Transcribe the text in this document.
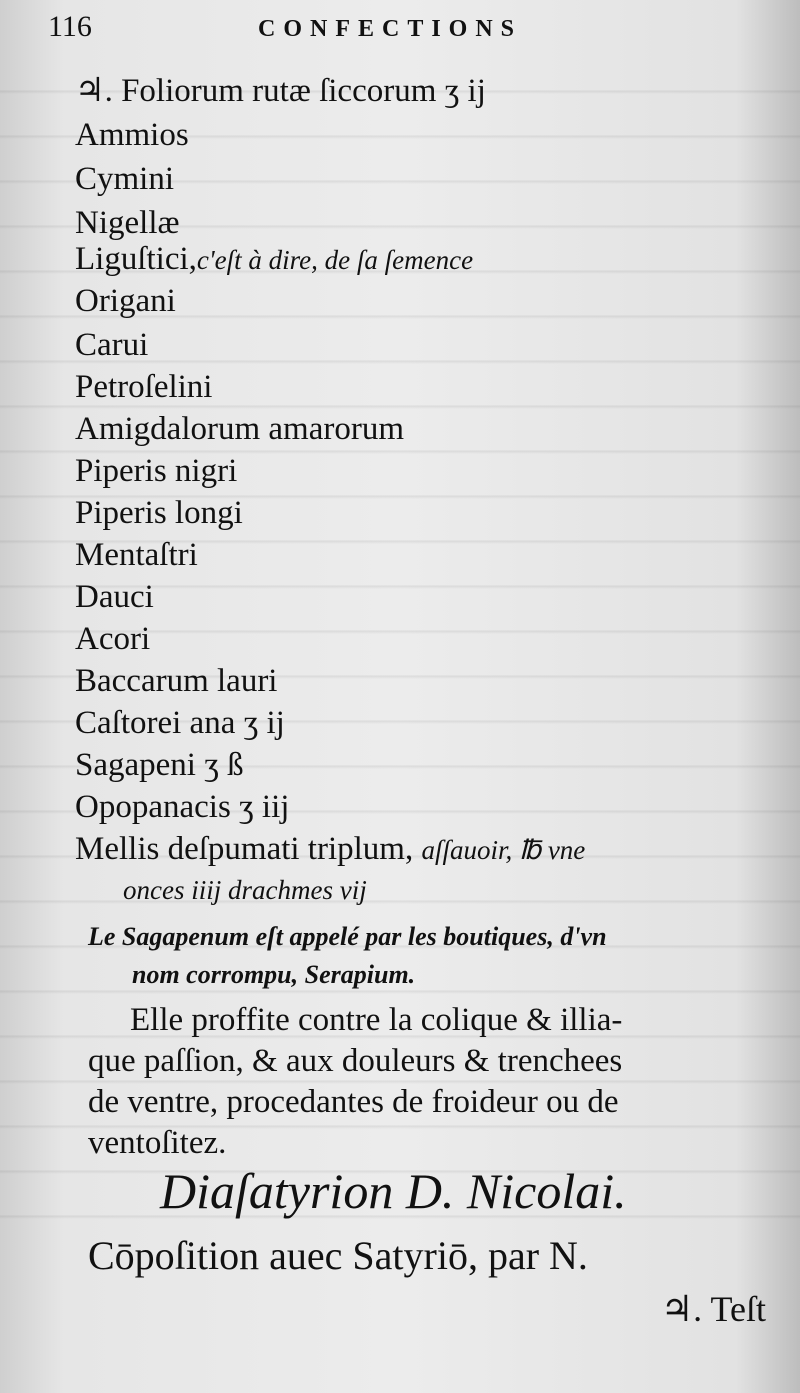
116	CONFECTIONS
♃. Foliorum rutæ ſiccorum ʒ ij
Ammios
Cymini
Nigellæ
Liguſtici,c'eſt à dire, de ſa ſemence
Origani
Carui
Petroſelini
Amigdalorum amarorum
Piperis nigri
Piperis longi
Mentaſtri
Dauci
Acori
Baccarum lauri
Caſtorei ana ʒ ij
Sagapeni ʒ ß
Opopanacis ʒ iij
Mellis deſpumati triplum, aſſauoir, ℔ vne
onces iiij drachmes vij
Le Sagapenum eſt appelé par les boutiques, d'vn
nom corrompu, Serapium.
Elle proffite contre la colique & illia-
que paſſion, & aux douleurs & trenchees
de ventre, procedantes de froideur ou de
ventoſitez.
Diaſatyrion D. Nicolai.
Cōpoſition auec Satyriō, par N.
♃. Teſt
